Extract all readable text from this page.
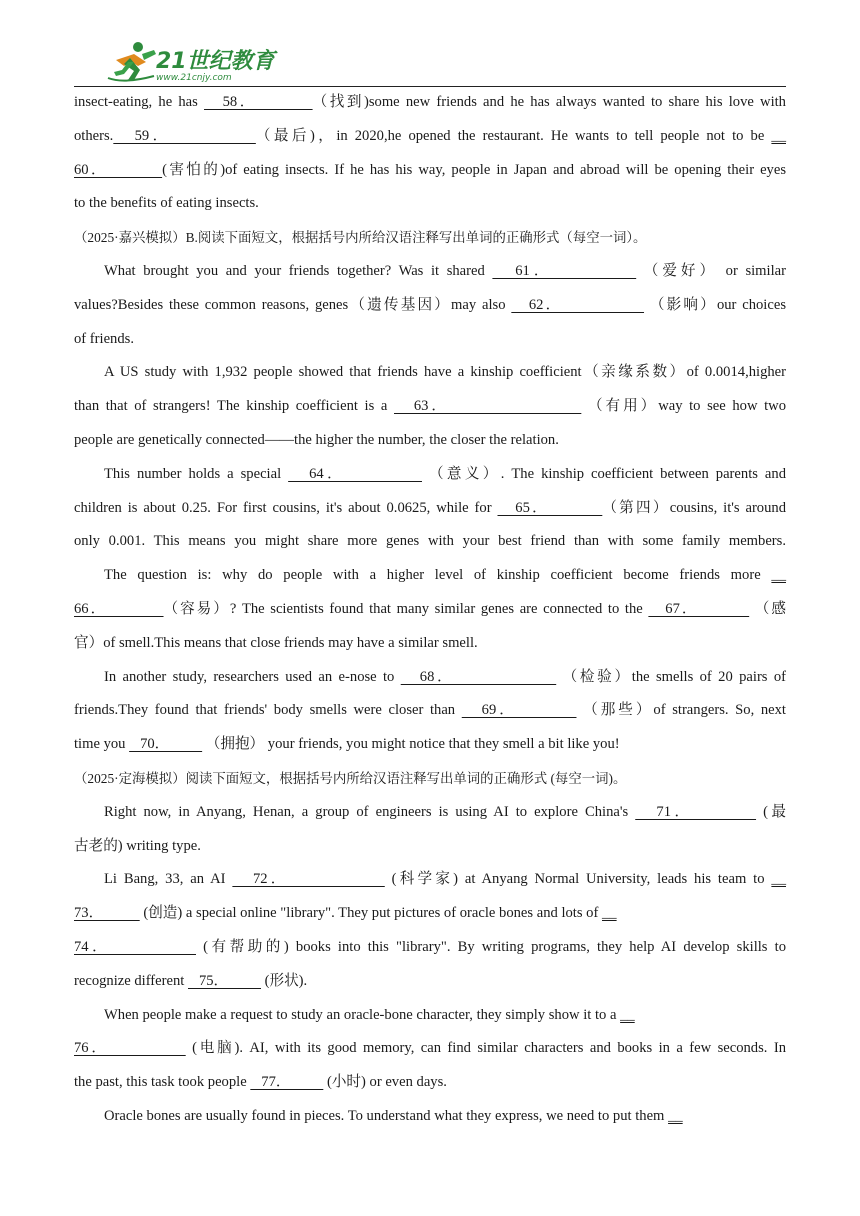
21世纪教育
www.21cnjy.com
insect-eating, he has    58．         （找到)some new friends and he has always wanted to share his love with
others.   59．            （最后)，in 2020,he opened the restaurant. He wants to tell people not to be __
60．         (害怕的)of eating insects. If he has his way, people in Japan and abroad will be opening their eyes
to the benefits of eating insects.
（2025·嘉兴模拟）B.阅读下面短文，根据括号内所给汉语注释写出单词的正确形式（每空一词）。
What brought you and your friends together? Was it shared    61．            （爱好） or similar
values?Besides these common reasons, genes（遗传基因）may also    62．               （影响）our choices
of friends.
A US study with 1,932 people showed that friends have a kinship coefficient（亲缘系数）of 0.0014,higher
than that of strangers! The kinship coefficient is a    63．                     （有用）way to see how two
people are genetically connected——the higher the number, the closer the relation.
This number holds a special    64．            （意义）. The kinship coefficient between parents and
children is about 0.25. For first cousins, it's about 0.0625, while for    65．         （第四）cousins, it's around
only 0.001. This means you might share more genes with your best friend than with some family members.
The question is: why do people with a higher level of kinship coefficient become friends more __
66．          （容易）? The scientists found that many similar genes are connected to the    67．          （感
官）of smell.This means that close friends may have a similar smell.
In another study, researchers used an e-nose to    68．                 （检验）the smells of 20 pairs of
friends.They found that friends' body smells were closer than    69．          （那些）of strangers. So, next
time you    70．          （拥抱） your friends, you might notice that they smell a bit like you!
（2025·定海模拟）阅读下面短文，根据括号内所给汉语注释写出单词的正确形式 (每空一词)。
Right now, in Anyang, Henan, a group of engineers is using AI to explore China's    71．          (最
古老的) writing type.
Li Bang, 33, an AI    72．               (科学家) at Anyang Normal University, leads his team to __
73．           (创造) a special online "library". They put pictures of oracle bones and lots of __
74．             (有帮助的) books into this "library". By writing programs, they help AI develop skills to
recognize different    75．          (形状).
When people make a request to study an oracle-bone character, they simply show it to a __
76．             (电脑). AI, with its good memory, can find similar characters and books in a few seconds. In
the past, this task took people    77．          (小时) or even days.
Oracle bones are usually found in pieces. To understand what they express, we need to put them __
